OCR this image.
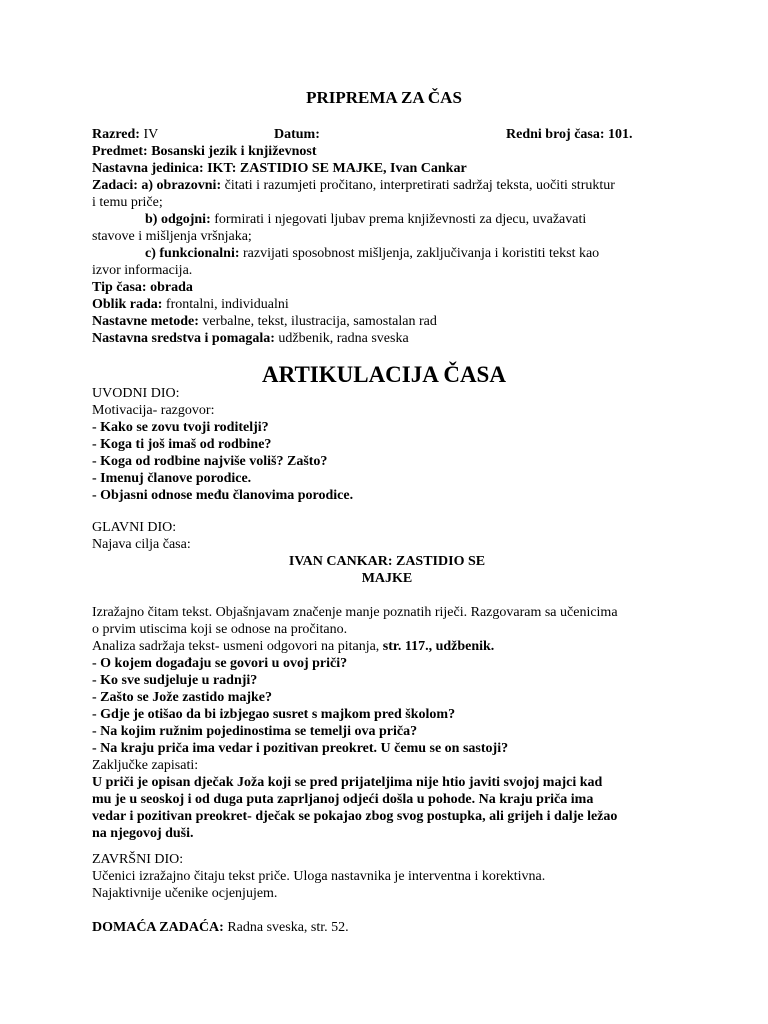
PRIPREMA ZA ČAS
Razred: IV	Datum:	Redni broj časa: 101.

Predmet: Bosanski jezik i književnost

Nastavna jedinica: IKT: ZASTIDIO SE MAJKE, Ivan Cankar

Zadaci: a) obrazovni: čitati i razumjeti pročitano, interpretirati sadržaj teksta, uočiti struktur

i temu priče;

b) odgojni: formirati i njegovati ljubav prema književnosti za djecu, uvažavati

stavove i mišljenja vršnjaka;

c) funkcionalni: razvijati sposobnost mišljenja, zaključivanja i koristiti tekst kao

izvor informacija.

Tip časa: obrada

Oblik rada: frontalni, individualni

Nastavne metode: verbalne, tekst, ilustracija, samostalan rad

Nastavna sredstva i pomagala: udžbenik, radna sveska

ARTIKULACIJA ČASA

UVODNI DIO:

Motivacija- razgovor:

- Kako se zovu tvoji roditelji?

- Koga ti još imaš od rodbine?

- Koga od rodbine najviše voliš? Zašto?

- Imenuj članove porodice.

- Objasni odnose među članovima porodice.

GLAVNI DIO:

Najava cilja časa:

IVAN CANKAR: ZASTIDIO SE

MAJKE

Izražajno čitam tekst. Objašnjavam značenje manje poznatih riječi. Razgovaram sa učenicima

o prvim utiscima koji se odnose na pročitano.

Analiza sadržaja tekst- usmeni odgovori na pitanja, str. 117., udžbenik.

- O kojem događaju se govori u ovoj priči?

- Ko sve sudjeluje u radnji?

- Zašto se Jože zastido majke?

- Gdje je otišao da bi izbjegao susret s majkom pred školom?

- Na kojim ružnim pojedinostima se temelji ova priča?

- Na kraju priča ima vedar i pozitivan preokret. U čemu se on sastoji?

Zaključke zapisati:

U priči je opisan dječak Joža koji se pred prijateljima nije htio javiti svojoj majci kad

mu je u seoskoj i od duga puta zaprljanoj odjeći došla u pohode. Na kraju priča ima

vedar i pozitivan preokret- dječak se pokajao zbog svog postupka, ali grijeh i dalje ležao

na njegovoj duši.

ZAVRŠNI DIO:

Učenici izražajno čitaju tekst priče. Uloga nastavnika je interventna i korektivna.

Najaktivnije učenike ocjenjujem.

DOMAĆA ZADAĆA: Radna sveska, str. 52.
